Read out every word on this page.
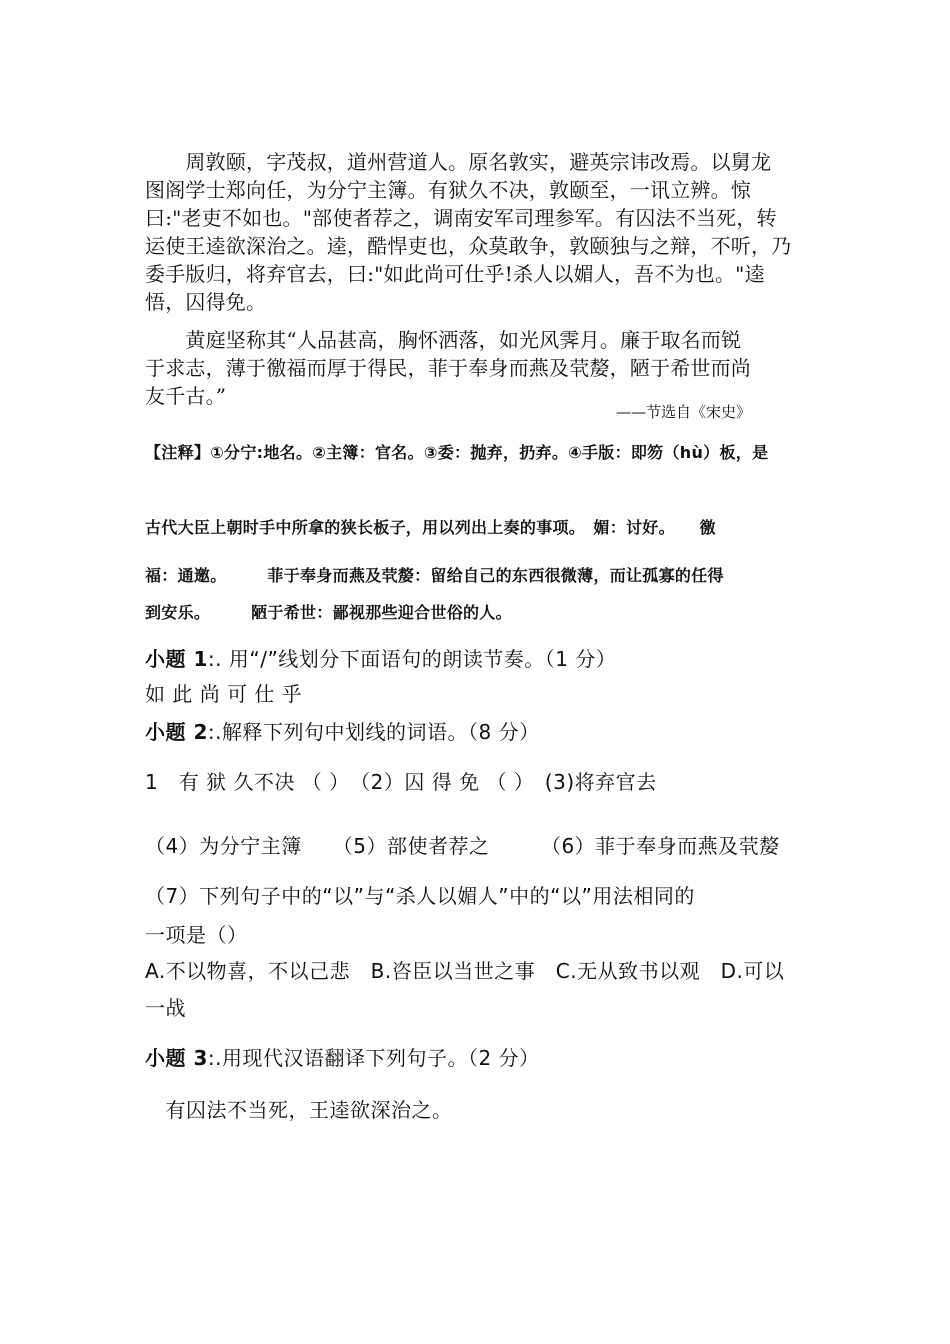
　　周敦颐，字茂叔，道州营道人。原名敦实，避英宗讳改焉。以舅龙
图阁学士郑向任，为分宁主簿。有狱久不决，敦颐至，一讯立辨。惊
曰:"老吏不如也。"部使者荐之，调南安军司理参军。有囚法不当死，转
运使王逵欲深治之。逵，酷悍吏也，众莫敢争，敦颐独与之辩，不听，乃
委手版归，将弃官去，曰:"如此尚可仕乎!杀人以媚人，吾不为也。"逵
悟，囚得免。
　　黄庭坚称其“人品甚高，胸怀洒落，如光风霁月。廉于取名而锐
于求志，薄于徼福而厚于得民，菲于奉身而燕及茕嫠，陋于希世而尚
友千古。”
——节选自《宋史》
【注释】①分宁:地名。②主簿：官名。③委：抛弃，扔弃。④手版：即笏（hù）板，是
古代大臣上朝时手中所拿的狭长板子，用以列出上奏的事项。　媚：讨好。　　徼
福：通邀。　　　菲于奉身而燕及茕嫠：留给自己的东西很微薄，而让孤寡的任得
到安乐。　　　陋于希世：鄙视那些迎合世俗的人。
小题 1:. 用“/”线划分下面语句的朗读节奏。（1 分）
如 此 尚 可 仕 乎
小题 2:.解释下列句中划线的词语。（8 分）
1　有 狱 久不决 （ ）　（2）囚 得 免 （ ）　(3)将弃官去
（4）为分宁主簿　　（5）部使者荐之　　　（6）菲于奉身而燕及茕嫠
（7）下列句子中的“以”与“杀人以媚人”中的“以”用法相同的
一项是（）
A.不以物喜，不以己悲　B.咨臣以当世之事　C.无从致书以观　D.可以
一战
小题 3:.用现代汉语翻译下列句子。（2 分）
　有囚法不当死，王逵欲深治之。
